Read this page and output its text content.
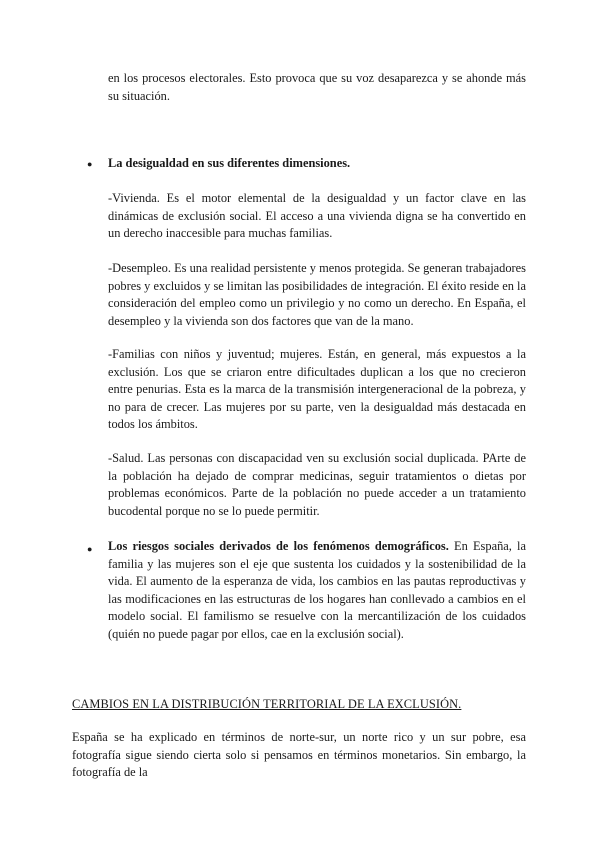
en los procesos electorales. Esto provoca que su voz desaparezca y se ahonde más su situación.
● La desigualdad en sus diferentes dimensiones.
-Vivienda. Es el motor elemental de la desigualdad y un factor clave en las dinámicas de exclusión social. El acceso a una vivienda digna se ha convertido en un derecho inaccesible para muchas familias.
-Desempleo. Es una realidad persistente y menos protegida. Se generan trabajadores pobres y excluidos y se limitan las posibilidades de integración. El éxito reside en la consideración del empleo como un privilegio y no como un derecho. En España, el desempleo y la vivienda son dos factores que van de la mano.
-Familias con niños y juventud; mujeres. Están, en general, más expuestos a la exclusión. Los que se criaron entre dificultades duplican a los que no crecieron entre penurias. Esta es la marca de la transmisión intergeneracional de la pobreza, y no para de crecer. Las mujeres por su parte, ven la desigualdad más destacada en todos los ámbitos.
-Salud. Las personas con discapacidad ven su exclusión social duplicada. PArte de la población ha dejado de comprar medicinas, seguir tratamientos o dietas por problemas económicos. Parte de la población no puede acceder a un tratamiento bucodental porque no se lo puede permitir.
● Los riesgos sociales derivados de los fenómenos demográficos. En España, la familia y las mujeres son el eje que sustenta los cuidados y la sostenibilidad de la vida. El aumento de la esperanza de vida, los cambios en las pautas reproductivas y las modificaciones en las estructuras de los hogares han conllevado a cambios en el modelo social. El familismo se resuelve con la mercantilización de los cuidados (quién no puede pagar por ellos, cae en la exclusión social).
CAMBIOS EN LA DISTRIBUCIÓN TERRITORIAL DE LA EXCLUSIÓN.
España se ha explicado en términos de norte-sur, un norte rico y un sur pobre, esa fotografía sigue siendo cierta solo si pensamos en términos monetarios. Sin embargo, la fotografía de la
